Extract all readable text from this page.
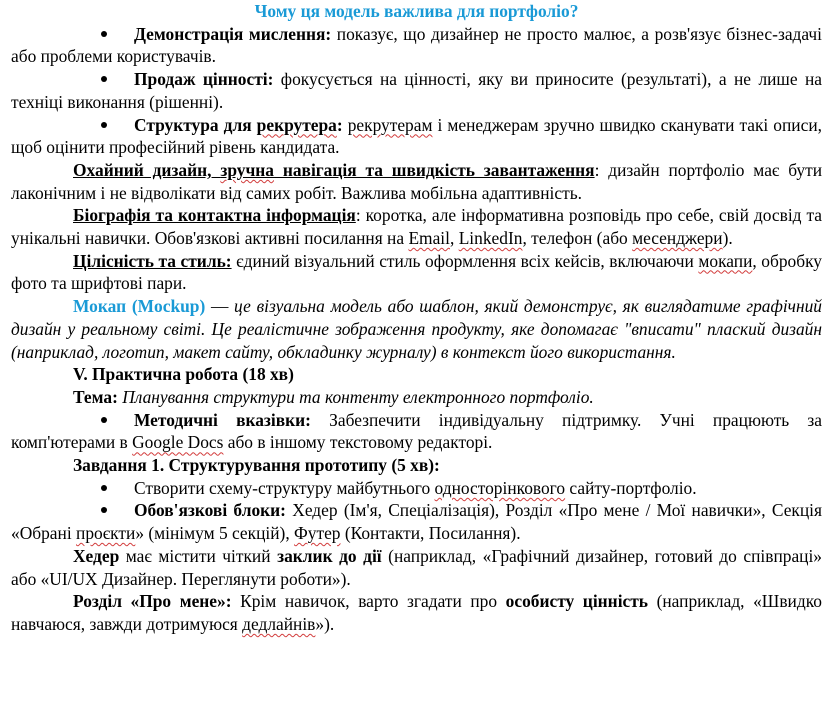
Чому ця модель важлива для портфоліо?

Демонстрація мислення: показує, що дизайнер не просто малює, а розв'язує бізнес-задачі або проблеми користувачів.

Продаж цінності: фокусується на цінності, яку ви приносите (результаті), а не лише на техніці виконання (рішенні).

Структура для рекрутера: рекрутерам і менеджерам зручно швидко сканувати такі описи, щоб оцінити професійний рівень кандидата.

Охайний дизайн, зручна навігація та швидкість завантаження: дизайн портфоліо має бути лаконічним і не відволікати від самих робіт. Важлива мобільна адаптивність.

Біографія та контактна інформація: коротка, але інформативна розповідь про себе, свій досвід та унікальні навички. Обов'язкові активні посилання на Email, LinkedIn, телефон (або месенджери).

Цілісність та стиль: єдиний візуальний стиль оформлення всіх кейсів, включаючи мокапи, обробку фото та шрифтові пари.

Мокап (Mockup) — це візуальна модель або шаблон, який демонструє, як виглядатиме графічний дизайн у реальному світі. Це реалістичне зображення продукту, яке допомагає "вписати" плаский дизайн (наприклад, логотип, макет сайту, обкладинку журналу) в контекст його використання.

V. Практична робота (18 хв)

Тема: Планування структури та контенту електронного портфоліо.

Методичні вказівки: Забезпечити індивідуальну підтримку. Учні працюють за комп'ютерами в Google Docs або в іншому текстовому редакторі.

Завдання 1. Структурування прототипу (5 хв):

Створити схему-структуру майбутнього односторінкового сайту-портфоліо.

Обов'язкові блоки: Хедер (Ім'я, Спеціалізація), Розділ «Про мене / Мої навички», Секція «Обрані проєкти» (мінімум 5 секцій), Футер (Контакти, Посилання).

Хедер має містити чіткий заклик до дії (наприклад, «Графічний дизайнер, готовий до співпраці» або «UI/UX Дизайнер. Переглянути роботи»).

Розділ «Про мене»: Крім навичок, варто згадати про особисту цінність (наприклад, «Швидко навчаюся, завжди дотримуюся дедлайнів»).
